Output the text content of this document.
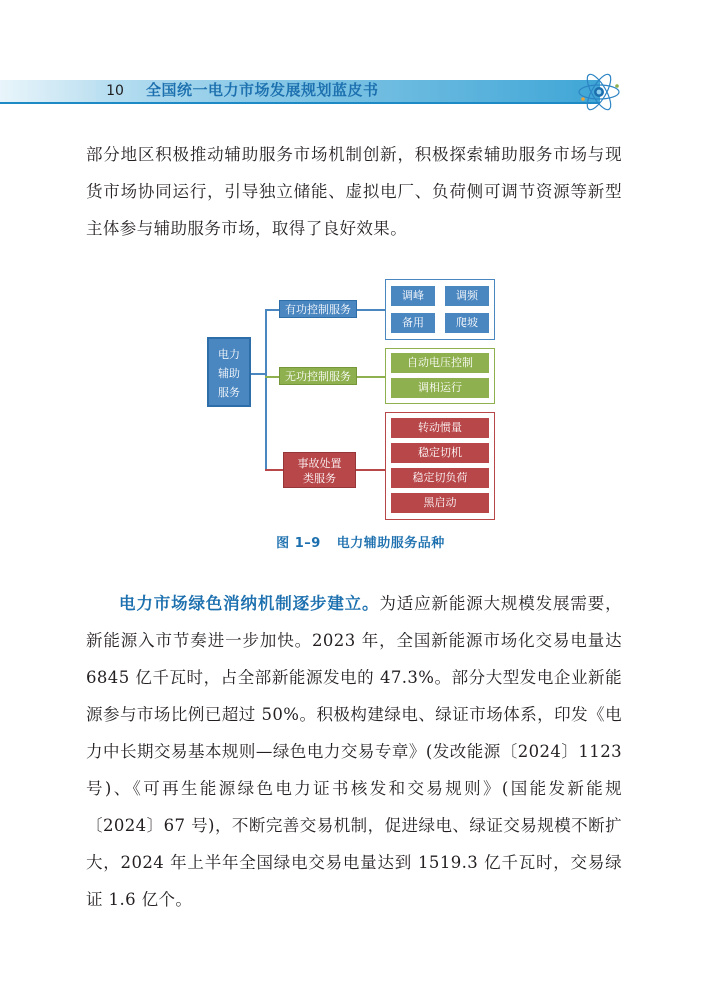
10	全国统一电力市场发展规划蓝皮书
部分地区积极推动辅助服务市场机制创新，积极探索辅助服务市场与现货市场协同运行，引导独立储能、虚拟电厂、负荷侧可调节资源等新型主体参与辅助服务市场，取得了良好效果。
电力
辅助
服务
有功控制服务
无功控制服务
事故处置
类服务
调峰	调频
备用	爬坡
自动电压控制
调相运行
转动惯量
稳定切机
稳定切负荷
黑启动
图 1–9 电力辅助服务品种
电力市场绿色消纳机制逐步建立。为适应新能源大规模发展需要，新能源入市节奏进一步加快。2023 年，全国新能源市场化交易电量达 6845 亿千瓦时，占全部新能源发电的 47.3%。部分大型发电企业新能源参与市场比例已超过 50%。积极构建绿电、绿证市场体系，印发《电力中长期交易基本规则—绿色电力交易专章》(发改能源〔2024〕1123 号)、《可再生能源绿色电力证书核发和交易规则》(国能发新能规〔2024〕67 号)，不断完善交易机制，促进绿电、绿证交易规模不断扩大，2024 年上半年全国绿电交易电量达到 1519.3 亿千瓦时，交易绿证 1.6 亿个。
